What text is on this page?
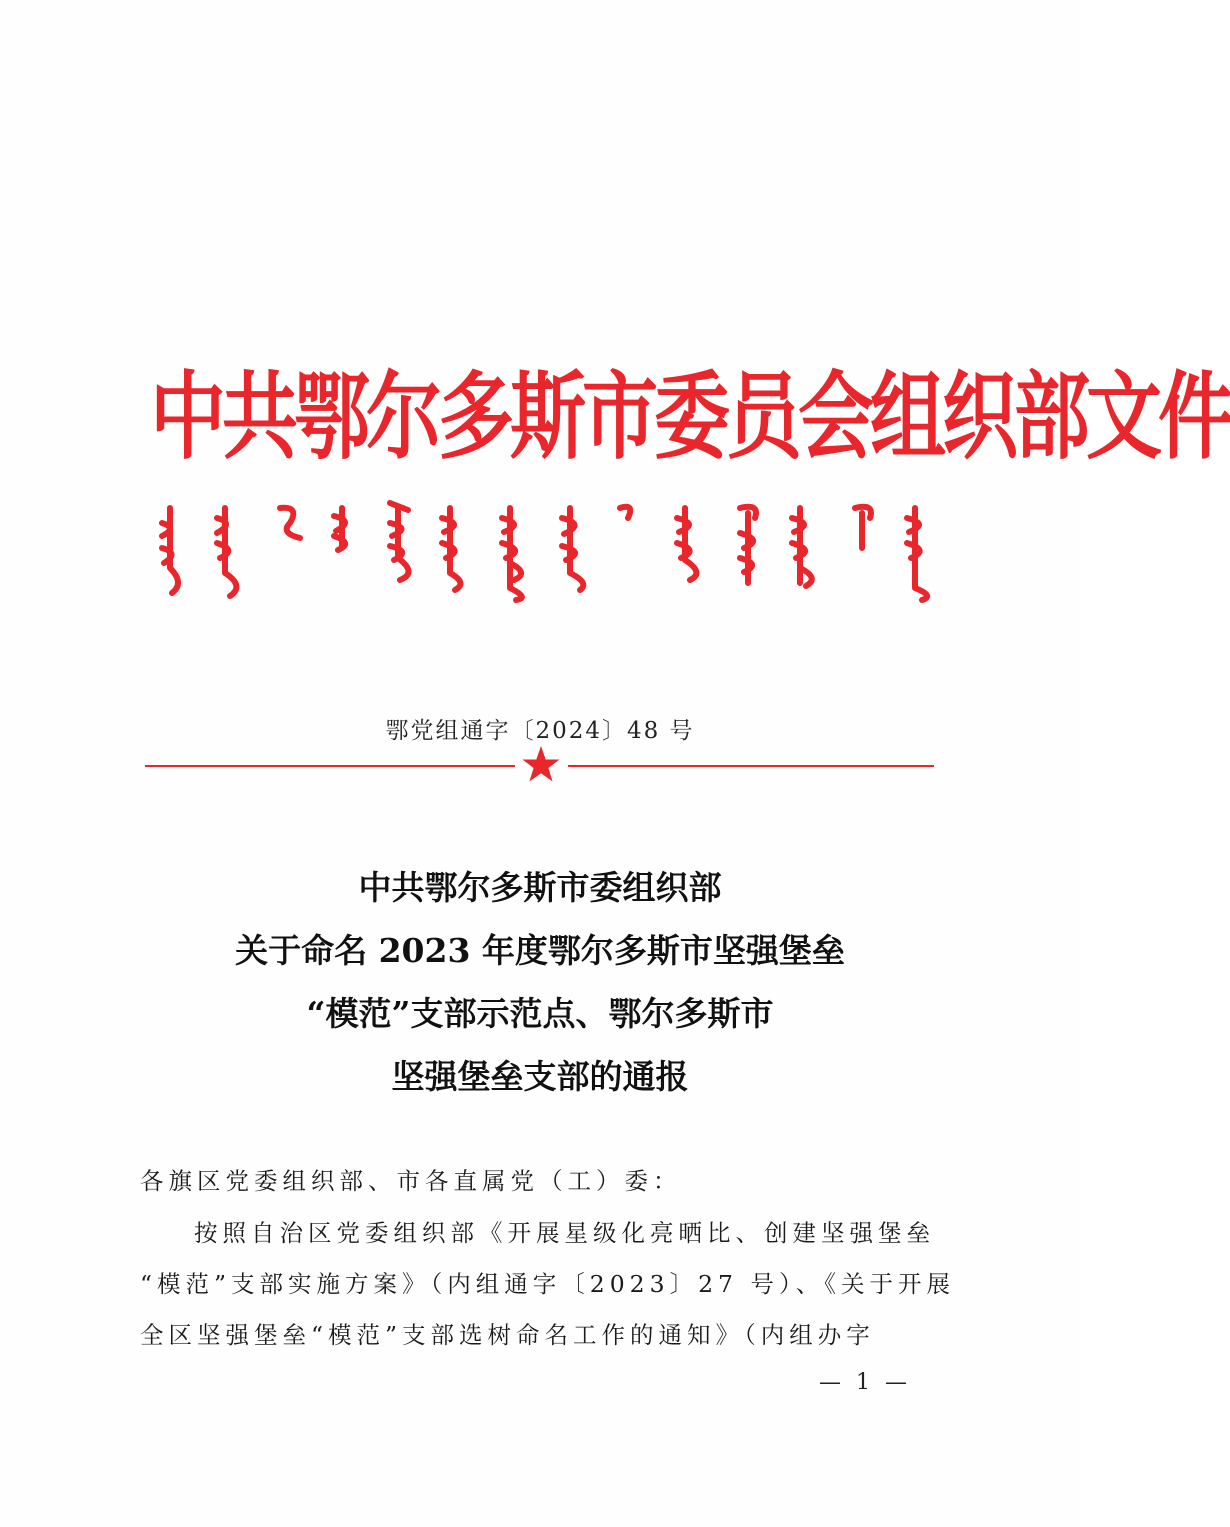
中共鄂尔多斯市委员会组织部文件
鄂党组通字〔2024〕48 号
中共鄂尔多斯市委组织部
关于命名 2023 年度鄂尔多斯市坚强堡垒
“模范”支部示范点、鄂尔多斯市
坚强堡垒支部的通报
各旗区党委组织部、市各直属党（工）委：
按照自治区党委组织部《开展星级化亮晒比、创建坚强堡垒
“模范”支部实施方案》（内组通字〔2023〕27 号）、《关于开展
全区坚强堡垒“模范”支部选树命名工作的通知》（内组办字
— 1 —
